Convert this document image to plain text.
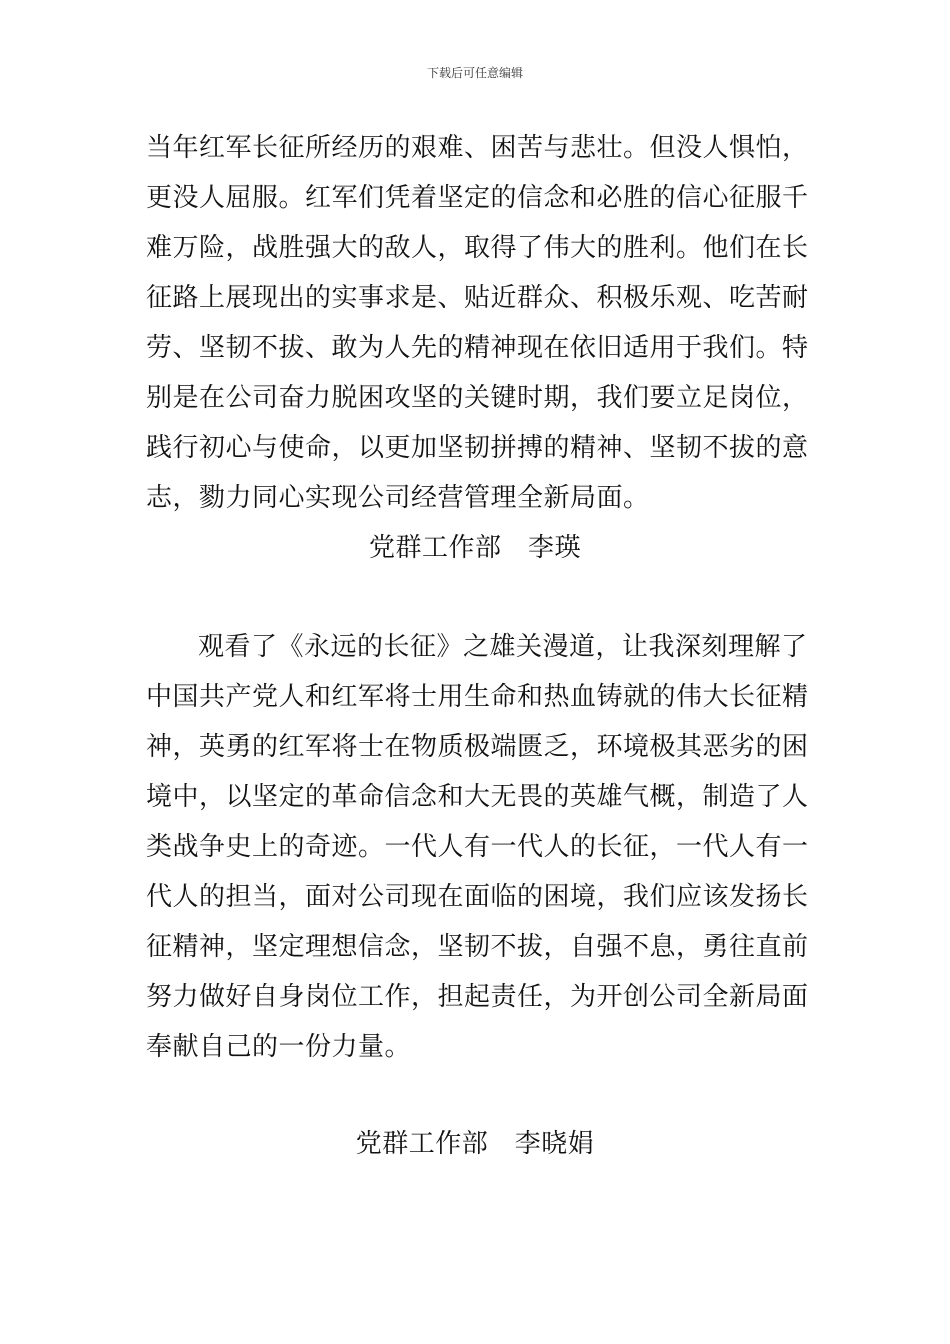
下载后可任意编辑

当年红军长征所经历的艰难、困苦与悲壮。但没人惧怕，
更没人屈服。红军们凭着坚定的信念和必胜的信心征服千
难万险，战胜强大的敌人，取得了伟大的胜利。他们在长
征路上展现出的实事求是、贴近群众、积极乐观、吃苦耐
劳、坚韧不拔、敢为人先的精神现在依旧适用于我们。特
别是在公司奋力脱困攻坚的关键时期，我们要立足岗位，
践行初心与使命，以更加坚韧拼搏的精神、坚韧不拔的意
志，勠力同心实现公司经营管理全新局面。

党群工作部　李瑛

观看了《永远的长征》之雄关漫道，让我深刻理解了
中国共产党人和红军将士用生命和热血铸就的伟大长征精
神，英勇的红军将士在物质极端匮乏，环境极其恶劣的困
境中，以坚定的革命信念和大无畏的英雄气概，制造了人
类战争史上的奇迹。一代人有一代人的长征，一代人有一
代人的担当，面对公司现在面临的困境，我们应该发扬长
征精神，坚定理想信念，坚韧不拔，自强不息，勇往直前
努力做好自身岗位工作，担起责任，为开创公司全新局面
奉献自己的一份力量。

党群工作部　李晓娟
